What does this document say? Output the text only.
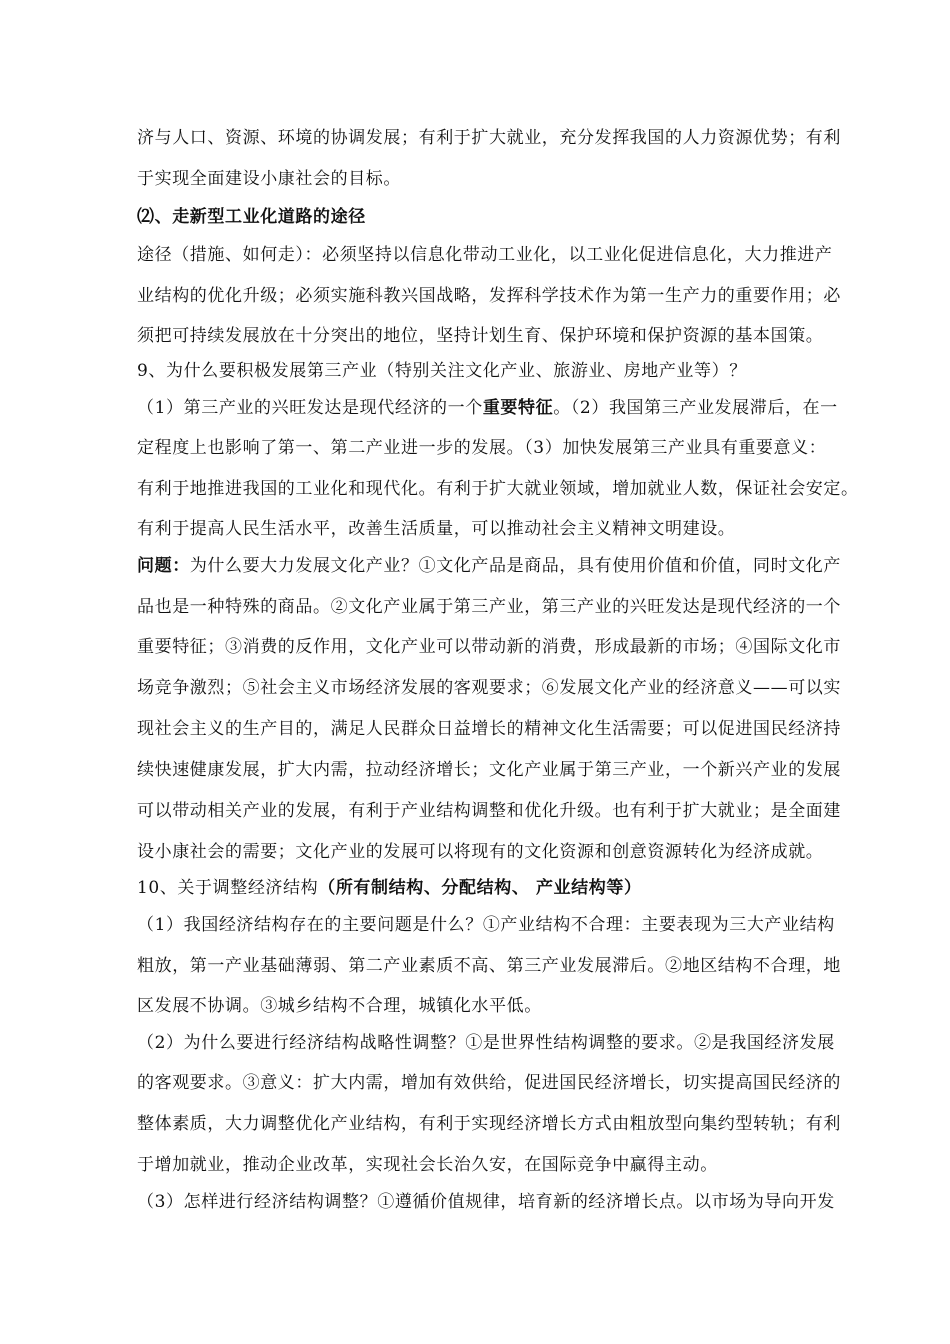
济与人口、资源、环境的协调发展；有利于扩大就业，充分发挥我国的人力资源优势；有利
于实现全面建设小康社会的目标。
⑵、走新型工业化道路的途径
途径（措施、如何走）：必须坚持以信息化带动工业化，以工业化促进信息化，大力推进产
业结构的优化升级；必须实施科教兴国战略，发挥科学技术作为第一生产力的重要作用；必
须把可持续发展放在十分突出的地位，坚持计划生育、保护环境和保护资源的基本国策。
9、为什么要积极发展第三产业（特别关注文化产业、旅游业、房地产业等）？
（1）第三产业的兴旺发达是现代经济的一个重要特征。（2）我国第三产业发展滞后，在一
定程度上也影响了第一、第二产业进一步的发展。（3）加快发展第三产业具有重要意义：
有利于地推进我国的工业化和现代化。有利于扩大就业领域，增加就业人数，保证社会安定。
有利于提高人民生活水平，改善生活质量，可以推动社会主义精神文明建设。
问题：为什么要大力发展文化产业？①文化产品是商品，具有使用价值和价值，同时文化产
品也是一种特殊的商品。②文化产业属于第三产业，第三产业的兴旺发达是现代经济的一个
重要特征；③消费的反作用，文化产业可以带动新的消费，形成最新的市场；④国际文化市
场竞争激烈；⑤社会主义市场经济发展的客观要求；⑥发展文化产业的经济意义——可以实
现社会主义的生产目的，满足人民群众日益增长的精神文化生活需要；可以促进国民经济持
续快速健康发展，扩大内需，拉动经济增长；文化产业属于第三产业，一个新兴产业的发展
可以带动相关产业的发展，有利于产业结构调整和优化升级。也有利于扩大就业；是全面建
设小康社会的需要；文化产业的发展可以将现有的文化资源和创意资源转化为经济成就。
10、关于调整经济结构（所有制结构、分配结构、 产业结构等）
（1）我国经济结构存在的主要问题是什么？①产业结构不合理：主要表现为三大产业结构
粗放，第一产业基础薄弱、第二产业素质不高、第三产业发展滞后。②地区结构不合理，地
区发展不协调。③城乡结构不合理，城镇化水平低。
（2）为什么要进行经济结构战略性调整？①是世界性结构调整的要求。②是我国经济发展
的客观要求。③意义：扩大内需，增加有效供给，促进国民经济增长，切实提高国民经济的
整体素质，大力调整优化产业结构，有利于实现经济增长方式由粗放型向集约型转轨；有利
于增加就业，推动企业改革，实现社会长治久安，在国际竞争中赢得主动。
（3）怎样进行经济结构调整？①遵循价值规律，培育新的经济增长点。以市场为导向开发
